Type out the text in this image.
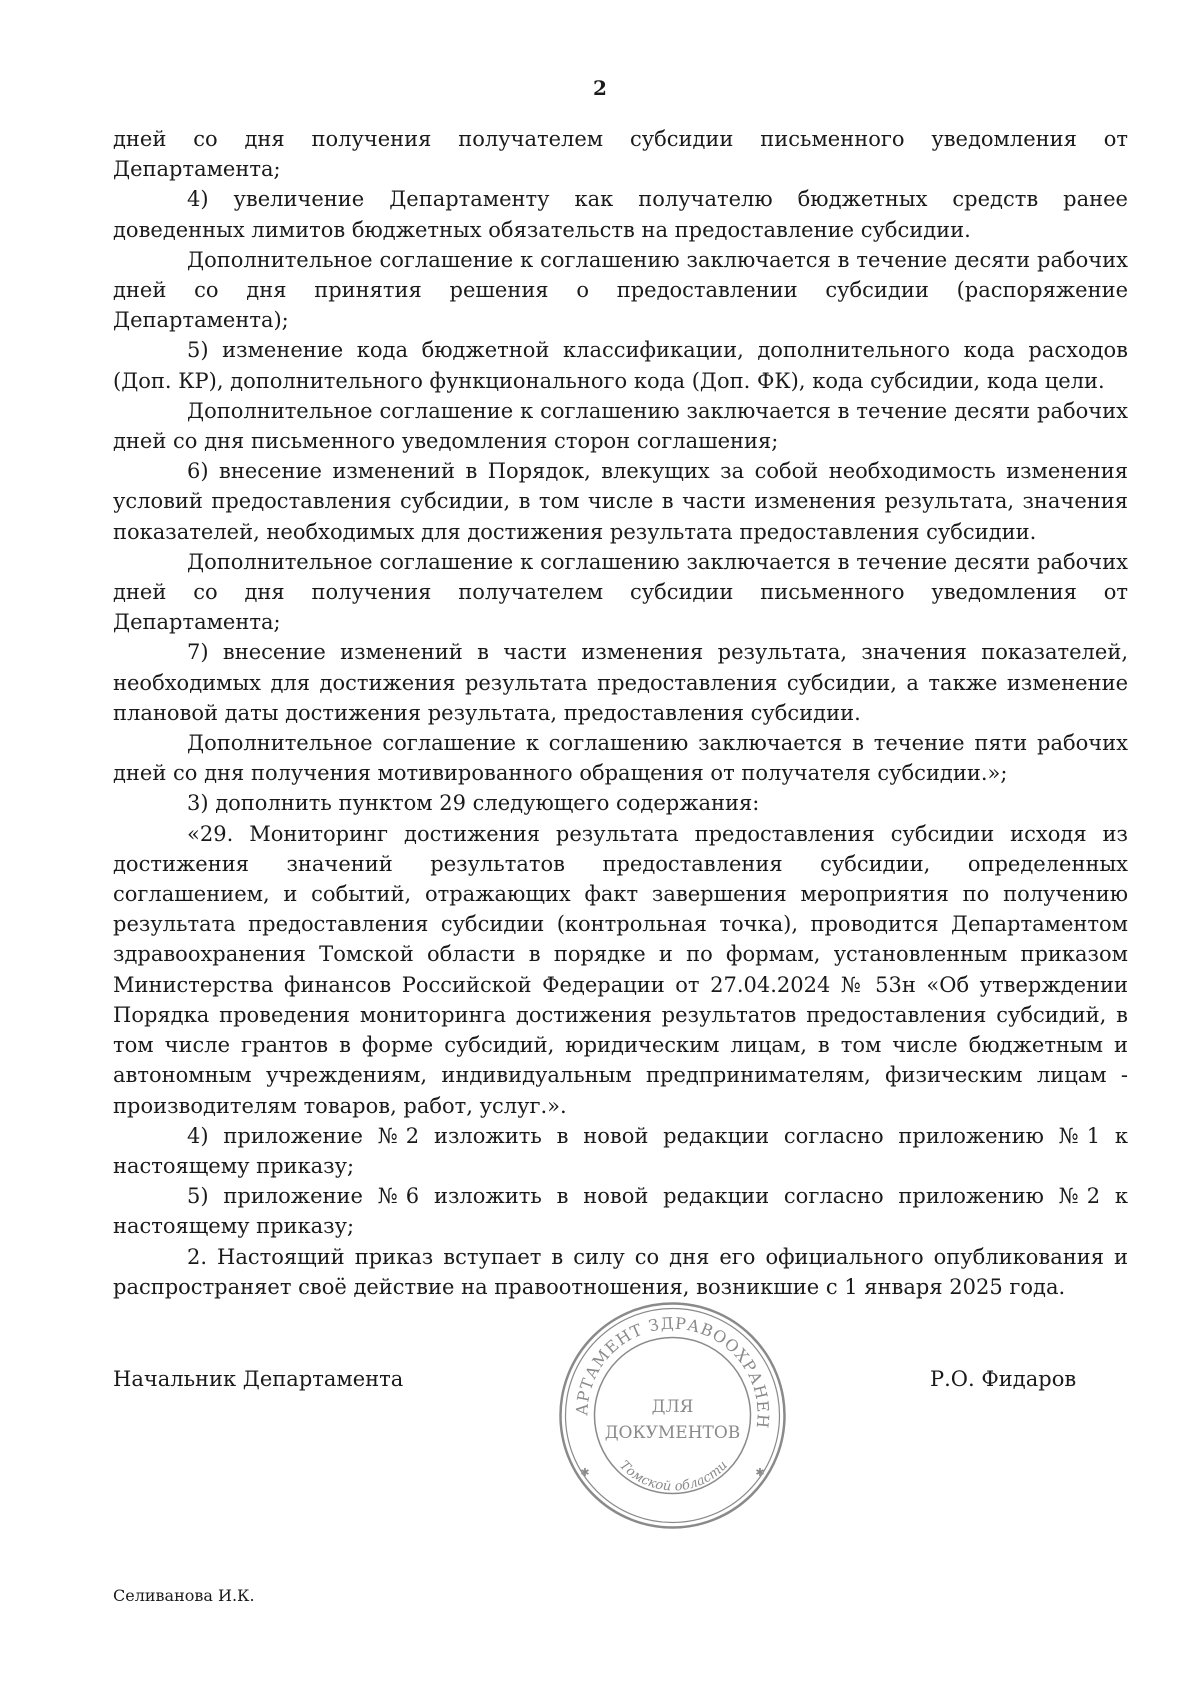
2

дней со дня получения получателем субсидии письменного уведомления от Департамента;

4) увеличение Департаменту как получателю бюджетных средств ранее доведенных лимитов бюджетных обязательств на предоставление субсидии.

Дополнительное соглашение к соглашению заключается в течение десяти рабочих дней со дня принятия решения о предоставлении субсидии (распоряжение Департамента);

5) изменение кода бюджетной классификации, дополнительного кода расходов (Доп. КР), дополнительного функционального кода (Доп. ФК), кода субсидии, кода цели.

Дополнительное соглашение к соглашению заключается в течение десяти рабочих дней со дня письменного уведомления сторон соглашения;

6) внесение изменений в Порядок, влекущих за собой необходимость изменения условий предоставления субсидии, в том числе в части изменения результата, значения показателей, необходимых для достижения результата предоставления субсидии.

Дополнительное соглашение к соглашению заключается в течение десяти рабочих дней со дня получения получателем субсидии письменного уведомления от Департамента;

7) внесение изменений в части изменения результата, значения показателей, необходимых для достижения результата предоставления субсидии, а также изменение плановой даты достижения результата, предоставления субсидии.

Дополнительное соглашение к соглашению заключается в течение пяти рабочих дней со дня получения мотивированного обращения от получателя субсидии.»;

3) дополнить пунктом 29 следующего содержания:

«29. Мониторинг достижения результата предоставления субсидии исходя из достижения значений результатов предоставления субсидии, определенных соглашением, и событий, отражающих факт завершения мероприятия по получению результата предоставления субсидии (контрольная точка), проводится Департаментом здравоохранения Томской области в порядке и по формам, установленным приказом Министерства финансов Российской Федерации от 27.04.2024 № 53н «Об утверждении Порядка проведения мониторинга достижения результатов предоставления субсидий, в том числе грантов в форме субсидий, юридическим лицам, в том числе бюджетным и автономным учреждениям, индивидуальным предпринимателям, физическим лицам - производителям товаров, работ, услуг.».

4) приложение №2 изложить в новой редакции согласно приложению №1 к настоящему приказу;

5) приложение №6 изложить в новой редакции согласно приложению №2 к настоящему приказу;

2. Настоящий приказ вступает в силу со дня его официального опубликования и распространяет своё действие на правоотношения, возникшие с 1 января 2025 года.

Начальник Департамента
АРТАМЕНТ ЗДРАВООХРАНЕН
Томской области
ДЛЯ
ДОКУМЕНТОВ
✱	✱
Р.О. Фидаров
Селиванова И.К.
